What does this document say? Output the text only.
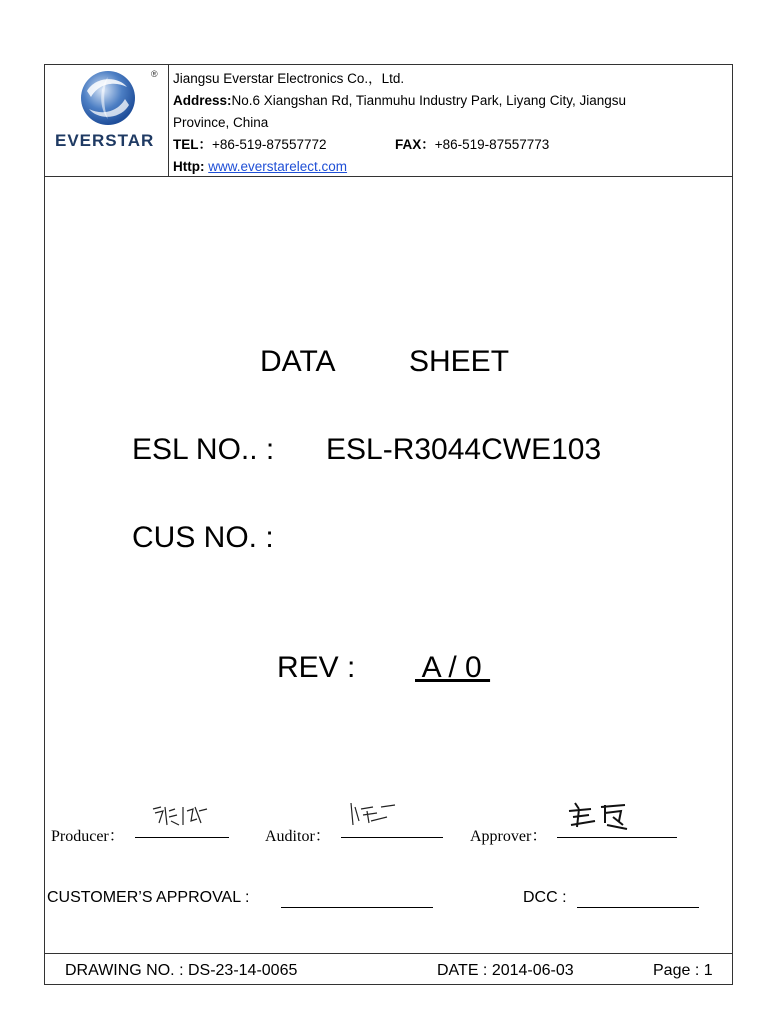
®
EVERSTAR
Jiangsu Everstar Electronics Co.，Ltd.
Address:No.6 Xiangshan Rd, Tianmuhu Industry Park, Liyang City, Jiangsu
Province, China
TEL：+86-519-87557772	FAX：+86-519-87557773
Http: www.everstarelect.com
DATA SHEET
ESL NO.. : ESL-R3044CWE103
CUS NO. :
REV : A / 0
Producer：	Auditor：	Approver：
CUSTOMER’S APPROVAL :	DCC :
DRAWING NO. : DS-23-14-0065	DATE : 2014-06-03	Page : 1
